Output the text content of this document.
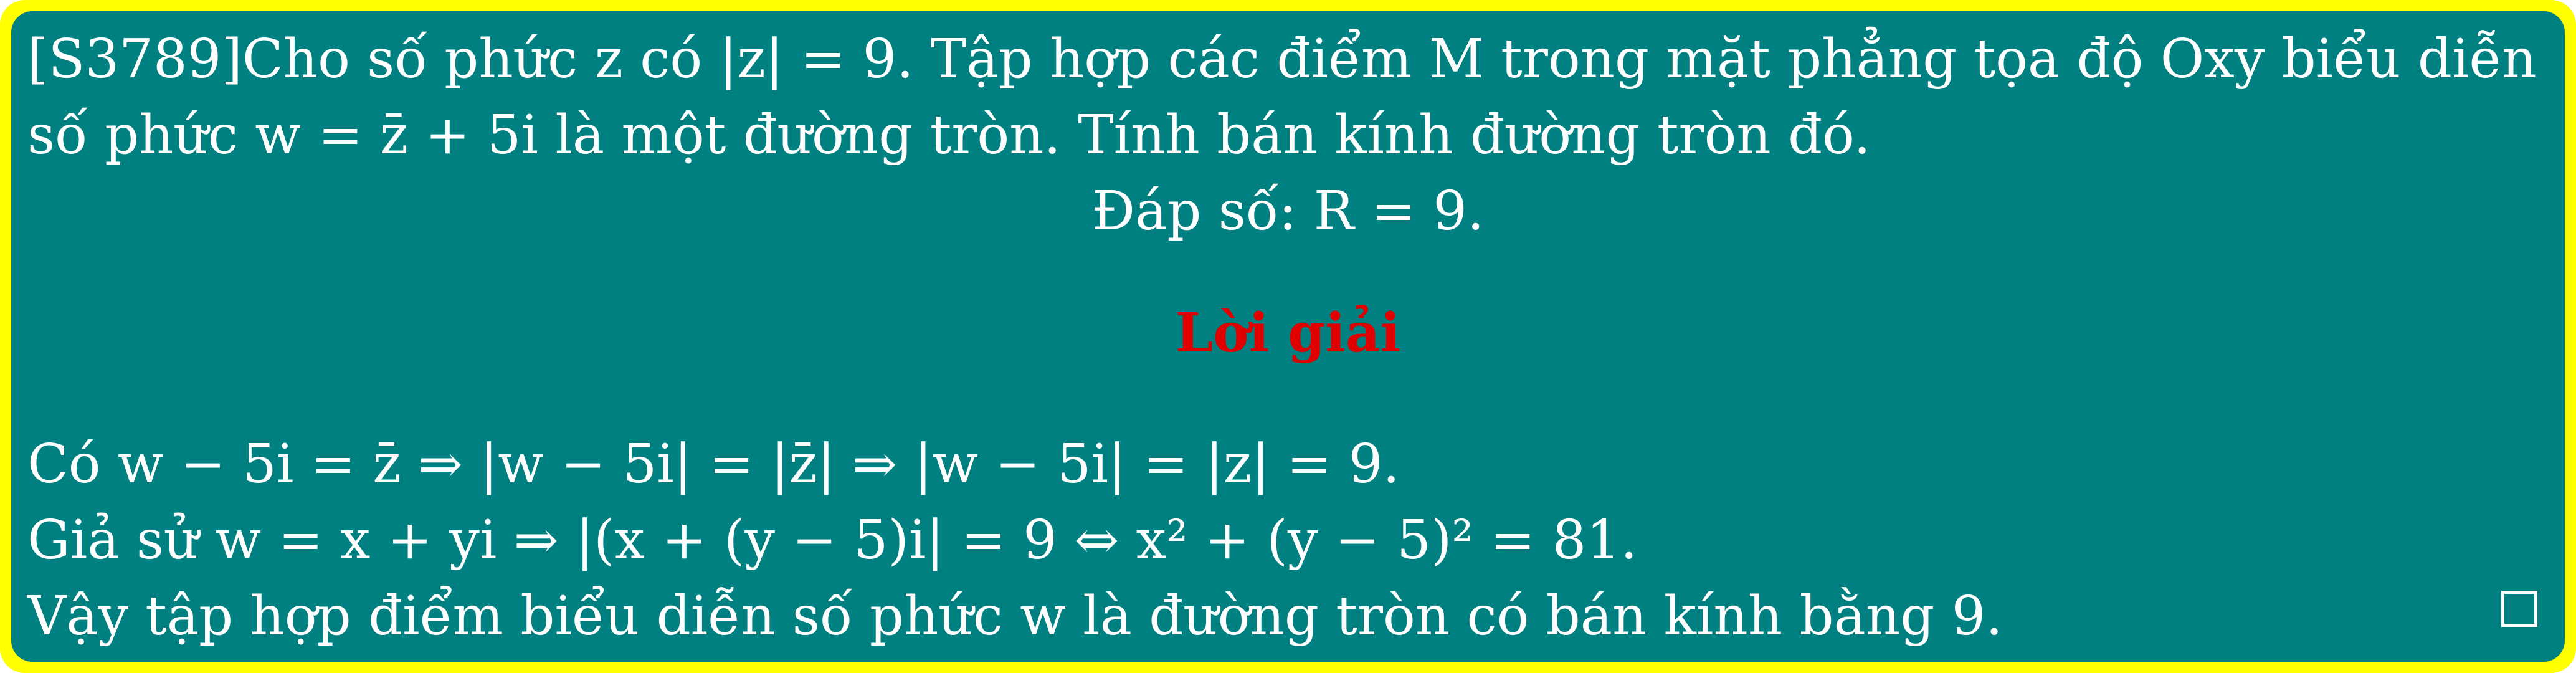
[S3789]Cho số phức z có |z| = 9. Tập hợp các điểm M trong mặt phẳng tọa độ Oxy biểu diễn
số phức w = z̄ + 5i là một đường tròn. Tính bán kính đường tròn đó.
Đáp số: R = 9.
Lời giải
Có w − 5i = z̄ ⇒ |w − 5i| = |z̄| ⇒ |w − 5i| = |z| = 9.
Giả sử w = x + yi ⇒ |(x + (y − 5)i| = 9 ⇔ x² + (y − 5)² = 81.
Vậy tập hợp điểm biểu diễn số phức w là đường tròn có bán kính bằng 9.
